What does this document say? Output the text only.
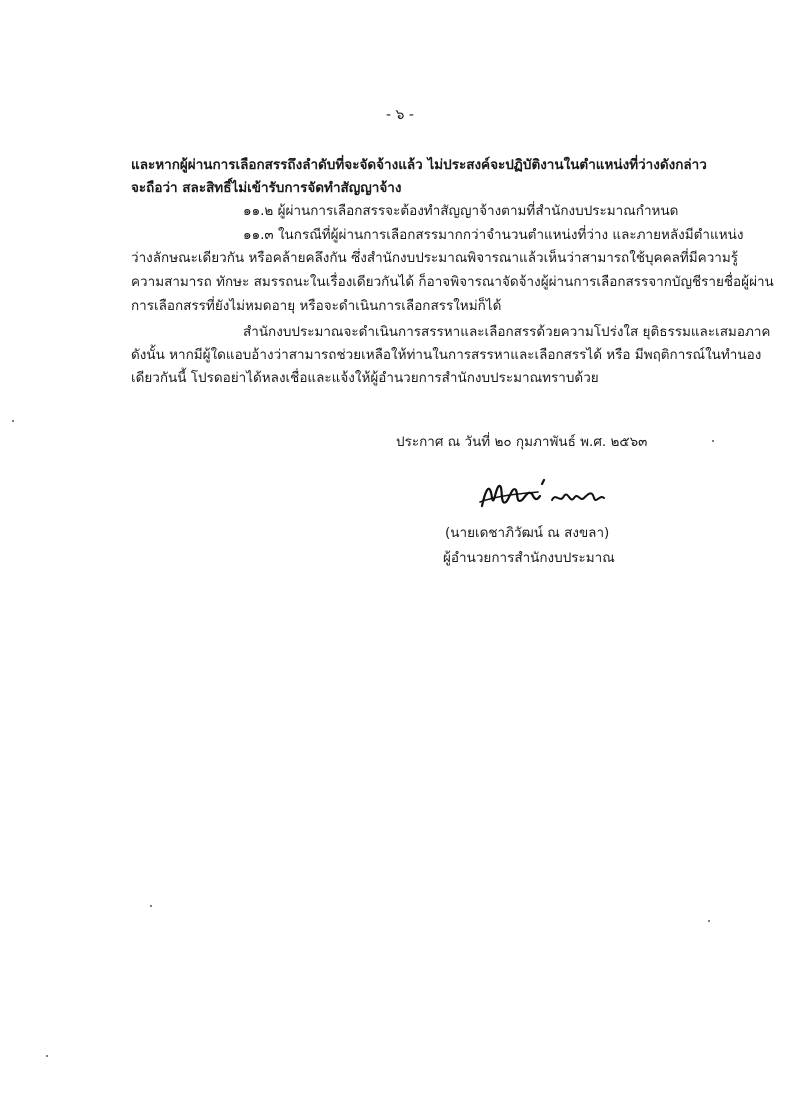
- ๖ -
และหากผู้ผ่านการเลือกสรรถึงลำดับที่จะจัดจ้างแล้ว ไม่ประสงค์จะปฏิบัติงานในตำแหน่งที่ว่างดังกล่าว
จะถือว่า สละสิทธิ์ไม่เข้ารับการจัดทำสัญญาจ้าง
๑๑.๒ ผู้ผ่านการเลือกสรรจะต้องทำสัญญาจ้างตามที่สำนักงบประมาณกำหนด
๑๑.๓ ในกรณีที่ผู้ผ่านการเลือกสรรมากกว่าจำนวนตำแหน่งที่ว่าง และภายหลังมีตำแหน่ง
ว่างลักษณะเดียวกัน หรือคล้ายคลึงกัน ซึ่งสำนักงบประมาณพิจารณาแล้วเห็นว่าสามารถใช้บุคคลที่มีความรู้
ความสามารถ ทักษะ สมรรถนะในเรื่องเดียวกันได้ ก็อาจพิจารณาจัดจ้างผู้ผ่านการเลือกสรรจากบัญชีรายชื่อผู้ผ่าน
การเลือกสรรที่ยังไม่หมดอายุ หรือจะดำเนินการเลือกสรรใหม่ก็ได้
สำนักงบประมาณจะดำเนินการสรรหาและเลือกสรรด้วยความโปร่งใส ยุติธรรมและเสมอภาค
ดังนั้น หากมีผู้ใดแอบอ้างว่าสามารถช่วยเหลือให้ท่านในการสรรหาและเลือกสรรได้ หรือ มีพฤติการณ์ในทำนอง
เดียวกันนี้ โปรดอย่าได้หลงเชื่อและแจ้งให้ผู้อำนวยการสำนักงบประมาณทราบด้วย
ประกาศ ณ วันที่ ๒๐ กุมภาพันธ์ พ.ศ. ๒๕๖๓
(นายเดชาภิวัฒน์ ณ สงขลา)
ผู้อำนวยการสำนักงบประมาณ
